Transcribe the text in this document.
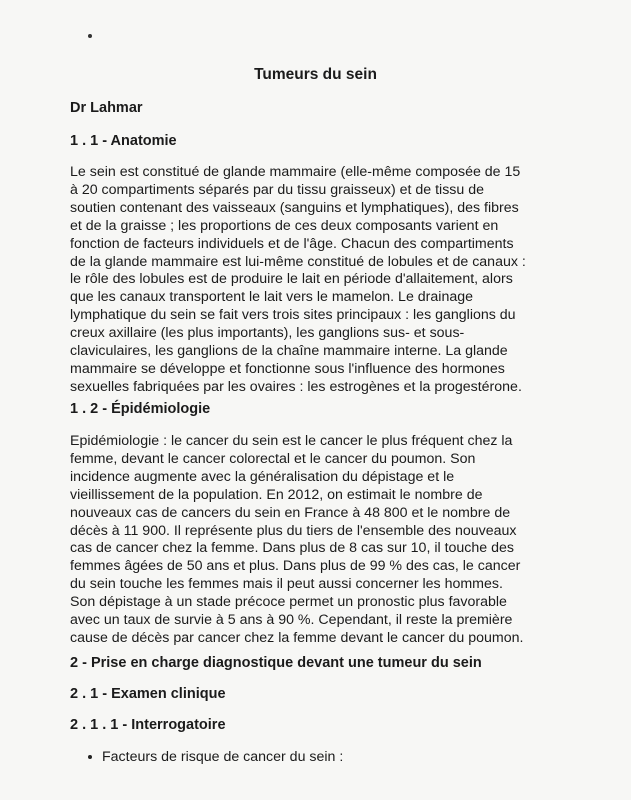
Tumeurs du sein
Dr Lahmar
1 . 1 - Anatomie
Le sein est constitué de glande mammaire (elle-même composée de 15
à 20 compartiments séparés par du tissu graisseux) et de tissu de
soutien contenant des vaisseaux (sanguins et lymphatiques), des fibres
et de la graisse ; les proportions de ces deux composants varient en
fonction de facteurs individuels et de l'âge. Chacun des compartiments
de la glande mammaire est lui-même constitué de lobules et de canaux :
le rôle des lobules est de produire le lait en période d'allaitement, alors
que les canaux transportent le lait vers le mamelon. Le drainage
lymphatique du sein se fait vers trois sites principaux : les ganglions du
creux axillaire (les plus importants), les ganglions sus- et sous-
claviculaires, les ganglions de la chaîne mammaire interne. La glande
mammaire se développe et fonctionne sous l'influence des hormones
sexuelles fabriquées par les ovaires : les estrogènes et la progestérone.
1 . 2 - Épidémiologie
Epidémiologie : le cancer du sein est le cancer le plus fréquent chez la
femme, devant le cancer colorectal et le cancer du poumon. Son
incidence augmente avec la généralisation du dépistage et le
vieillissement de la population. En 2012, on estimait le nombre de
nouveaux cas de cancers du sein en France à 48 800 et le nombre de
décès à 11 900. Il représente plus du tiers de l'ensemble des nouveaux
cas de cancer chez la femme. Dans plus de 8 cas sur 10, il touche des
femmes âgées de 50 ans et plus. Dans plus de 99 % des cas, le cancer
du sein touche les femmes mais il peut aussi concerner les hommes.
Son dépistage à un stade précoce permet un pronostic plus favorable
avec un taux de survie à 5 ans à 90 %. Cependant, il reste la première
cause de décès par cancer chez la femme devant le cancer du poumon.
2 - Prise en charge diagnostique devant une tumeur du sein
2 . 1 - Examen clinique
2 . 1 . 1 - Interrogatoire
Facteurs de risque de cancer du sein :
